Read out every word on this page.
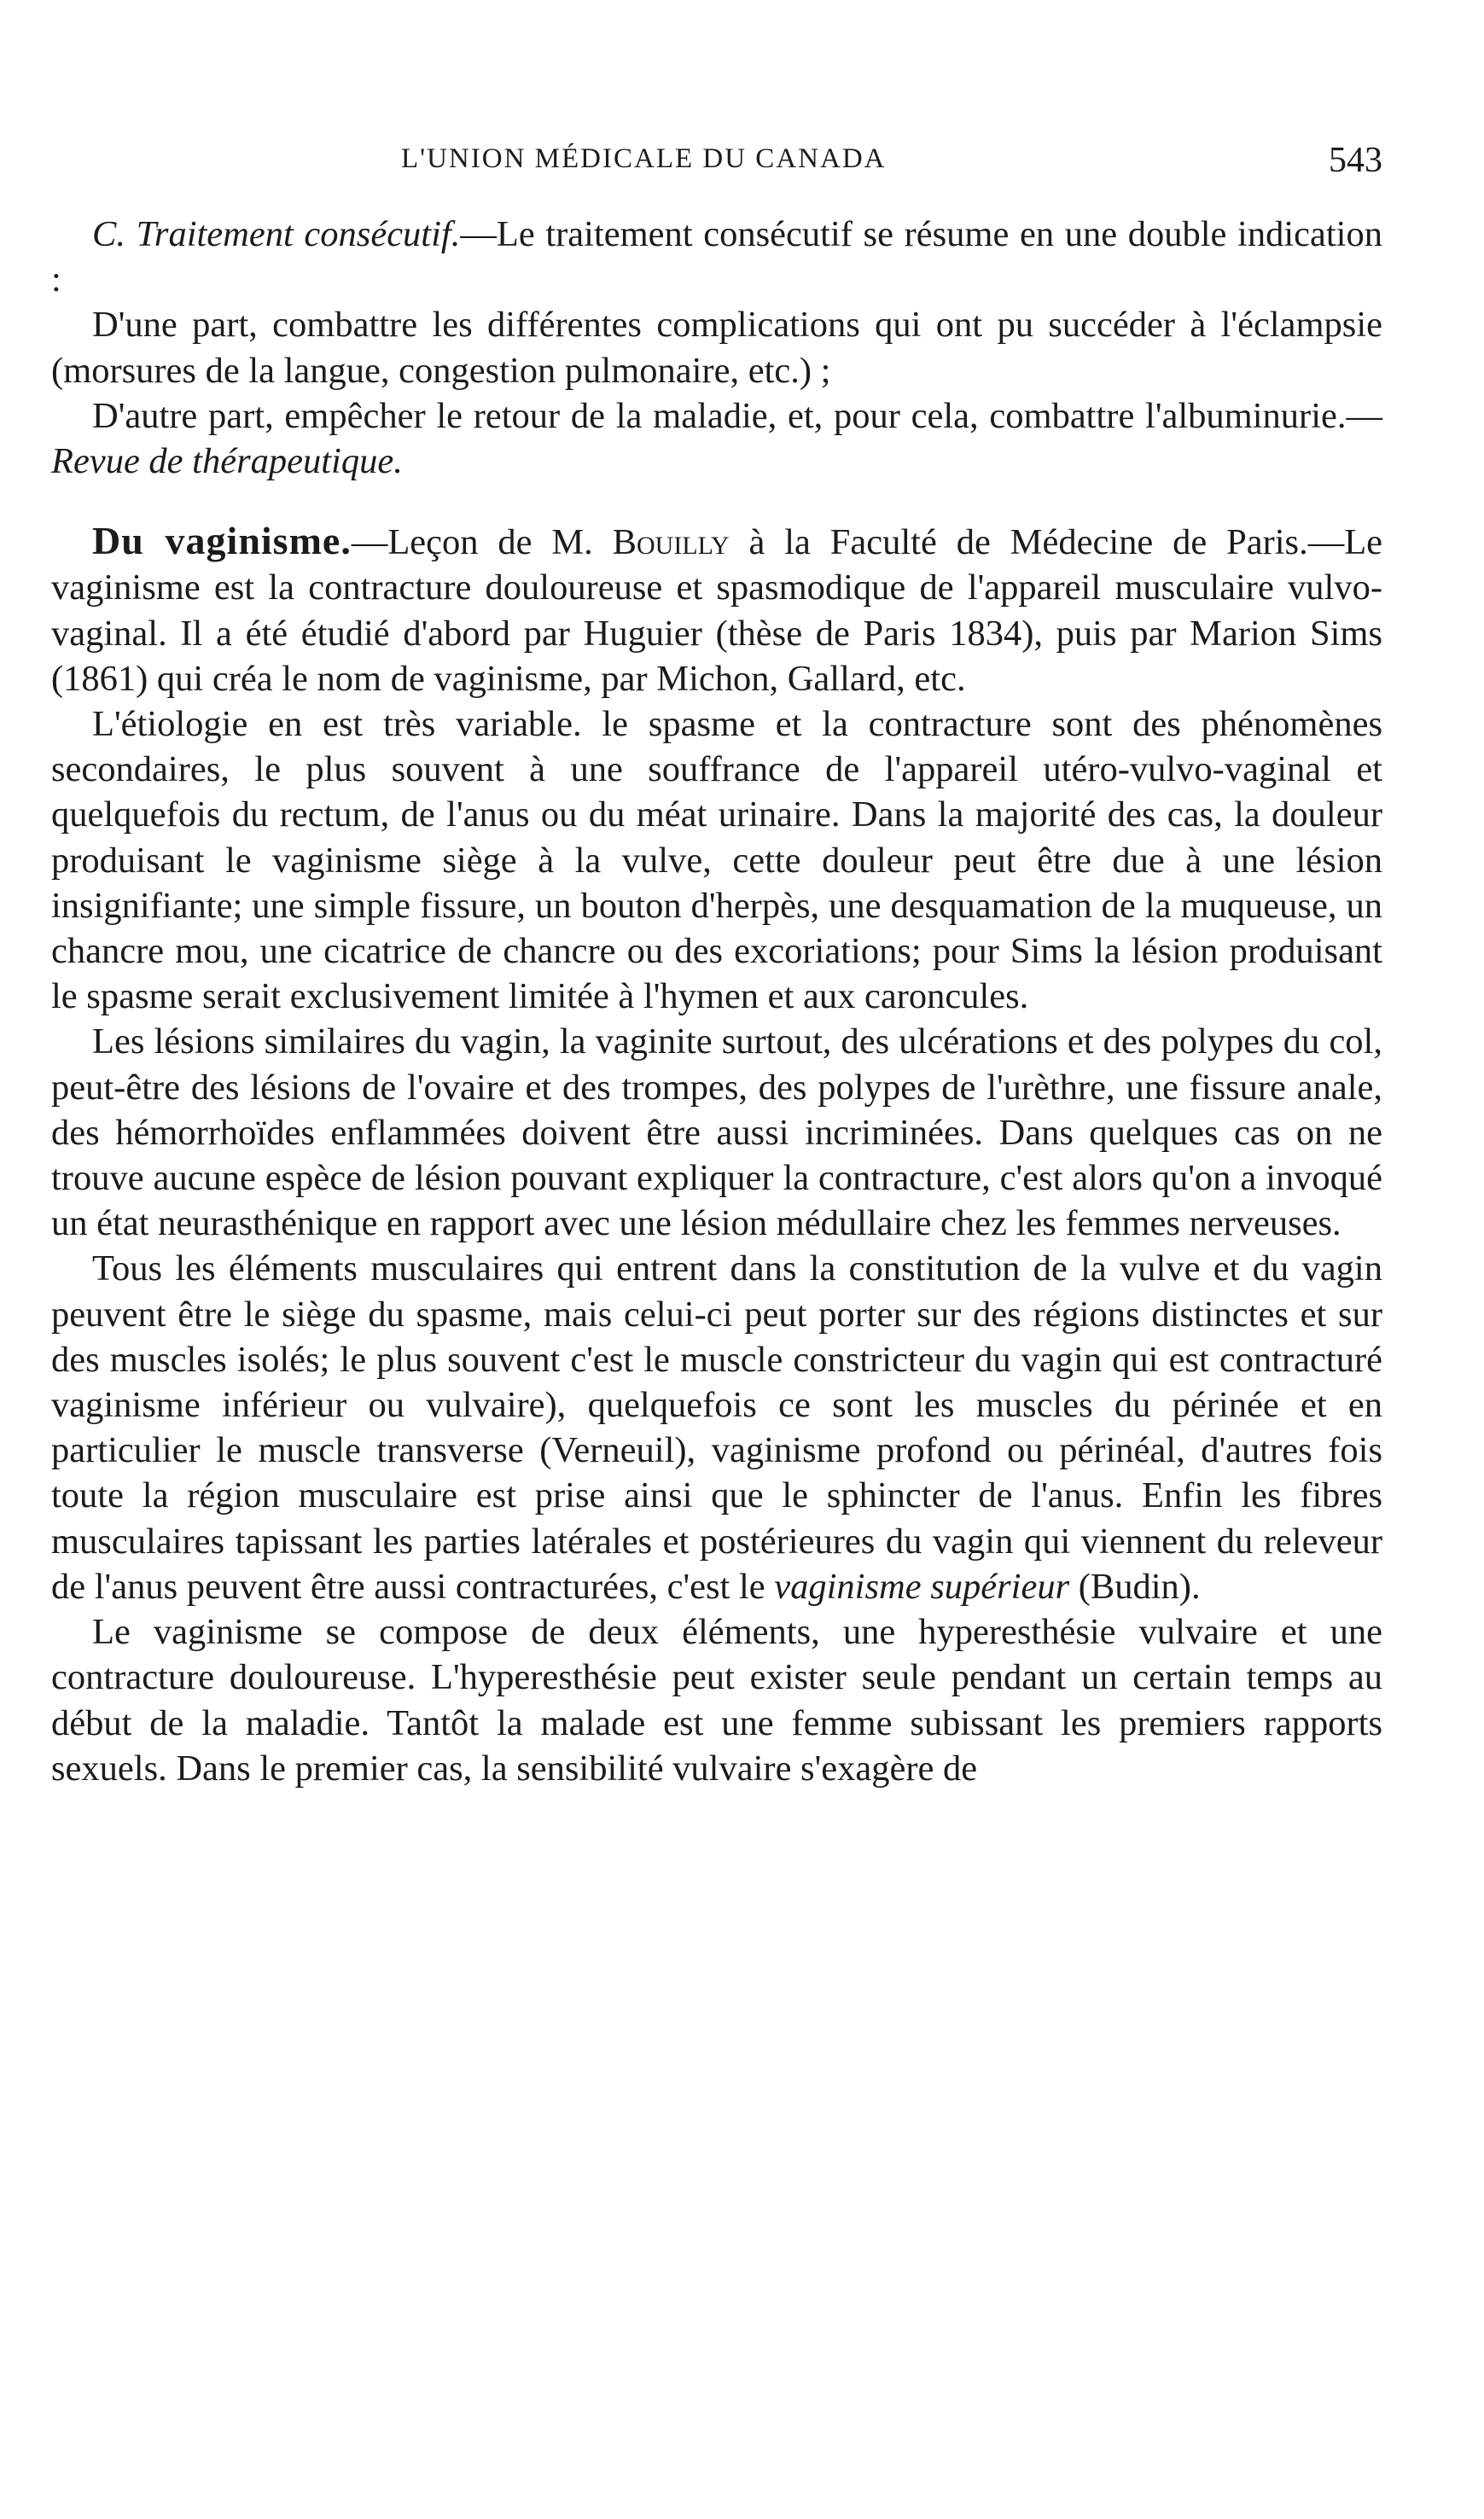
L'UNION MÉDICALE DU CANADA	543

C. Traitement consécutif.—Le traitement consécutif se résume en une double indication :

D'une part, combattre les différentes complications qui ont pu succéder à l'éclampsie (morsures de la langue, congestion pulmonaire, etc.) ;

D'autre part, empêcher le retour de la maladie, et, pour cela, combattre l'albuminurie.—Revue de thérapeutique.

Du vaginisme.—Leçon de M. Bouilly à la Faculté de Médecine de Paris.—Le vaginisme est la contracture douloureuse et spasmodique de l'appareil musculaire vulvo-vaginal. Il a été étudié d'abord par Huguier (thèse de Paris 1834), puis par Marion Sims (1861) qui créa le nom de vaginisme, par Michon, Gallard, etc.

L'étiologie en est très variable. le spasme et la contracture sont des phénomènes secondaires, le plus souvent à une souffrance de l'appareil utéro-vulvo-vaginal et quelquefois du rectum, de l'anus ou du méat urinaire. Dans la majorité des cas, la douleur produisant le vaginisme siège à la vulve, cette douleur peut être due à une lésion insignifiante; une simple fissure, un bouton d'herpès, une desquamation de la muqueuse, un chancre mou, une cicatrice de chancre ou des excoriations; pour Sims la lésion produisant le spasme serait exclusivement limitée à l'hymen et aux caroncules.

Les lésions similaires du vagin, la vaginite surtout, des ulcérations et des polypes du col, peut-être des lésions de l'ovaire et des trompes, des polypes de l'urèthre, une fissure anale, des hémorrhoïdes enflammées doivent être aussi incriminées. Dans quelques cas on ne trouve aucune espèce de lésion pouvant expliquer la contracture, c'est alors qu'on a invoqué un état neurasthénique en rapport avec une lésion médullaire chez les femmes nerveuses.

Tous les éléments musculaires qui entrent dans la constitution de la vulve et du vagin peuvent être le siège du spasme, mais celui-ci peut porter sur des régions distinctes et sur des muscles isolés; le plus souvent c'est le muscle constricteur du vagin qui est contracturé vaginisme inférieur ou vulvaire), quelquefois ce sont les muscles du périnée et en particulier le muscle transverse (Verneuil), vaginisme profond ou périnéal, d'autres fois toute la région musculaire est prise ainsi que le sphincter de l'anus. Enfin les fibres musculaires tapissant les parties latérales et postérieures du vagin qui viennent du releveur de l'anus peuvent être aussi contracturées, c'est le vaginisme supérieur (Budin).

Le vaginisme se compose de deux éléments, une hyperesthésie vulvaire et une contracture douloureuse. L'hyperesthésie peut exister seule pendant un certain temps au début de la maladie. Tantôt la malade est une femme subissant les premiers rapports sexuels. Dans le premier cas, la sensibilité vulvaire s'exagère de
